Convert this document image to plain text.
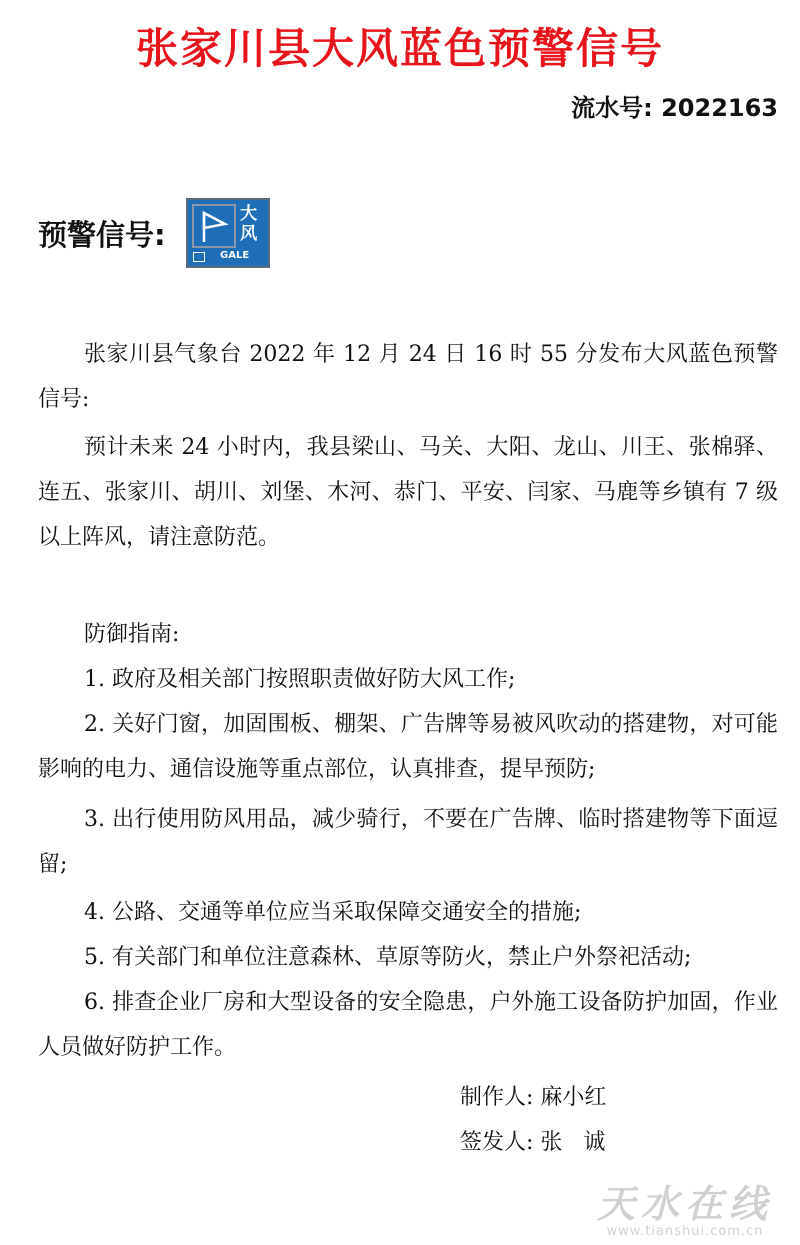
张家川县大风蓝色预警信号
流水号: 2022163
预警信号:
大风
GALE

张家川县气象台 2022 年 12 月 24 日 16 时 55 分发布大风蓝色预警信号:

预计未来 24 小时内，我县梁山、马关、大阳、龙山、川王、张棉驿、连五、张家川、胡川、刘堡、木河、恭门、平安、闫家、马鹿等乡镇有 7 级以上阵风，请注意防范。

防御指南:

1. 政府及相关部门按照职责做好防大风工作;

2. 关好门窗，加固围板、棚架、广告牌等易被风吹动的搭建物，对可能影响的电力、通信设施等重点部位，认真排查，提早预防;

3. 出行使用防风用品，减少骑行，不要在广告牌、临时搭建物等下面逗留;

4. 公路、交通等单位应当采取保障交通安全的措施;

5. 有关部门和单位注意森林、草原等防火，禁止户外祭祀活动;

6. 排查企业厂房和大型设备的安全隐患，户外施工设备防护加固，作业人员做好防护工作。

制作人: 麻小红
签发人: 张   诚
天水在线
www.tianshui.com.cn
